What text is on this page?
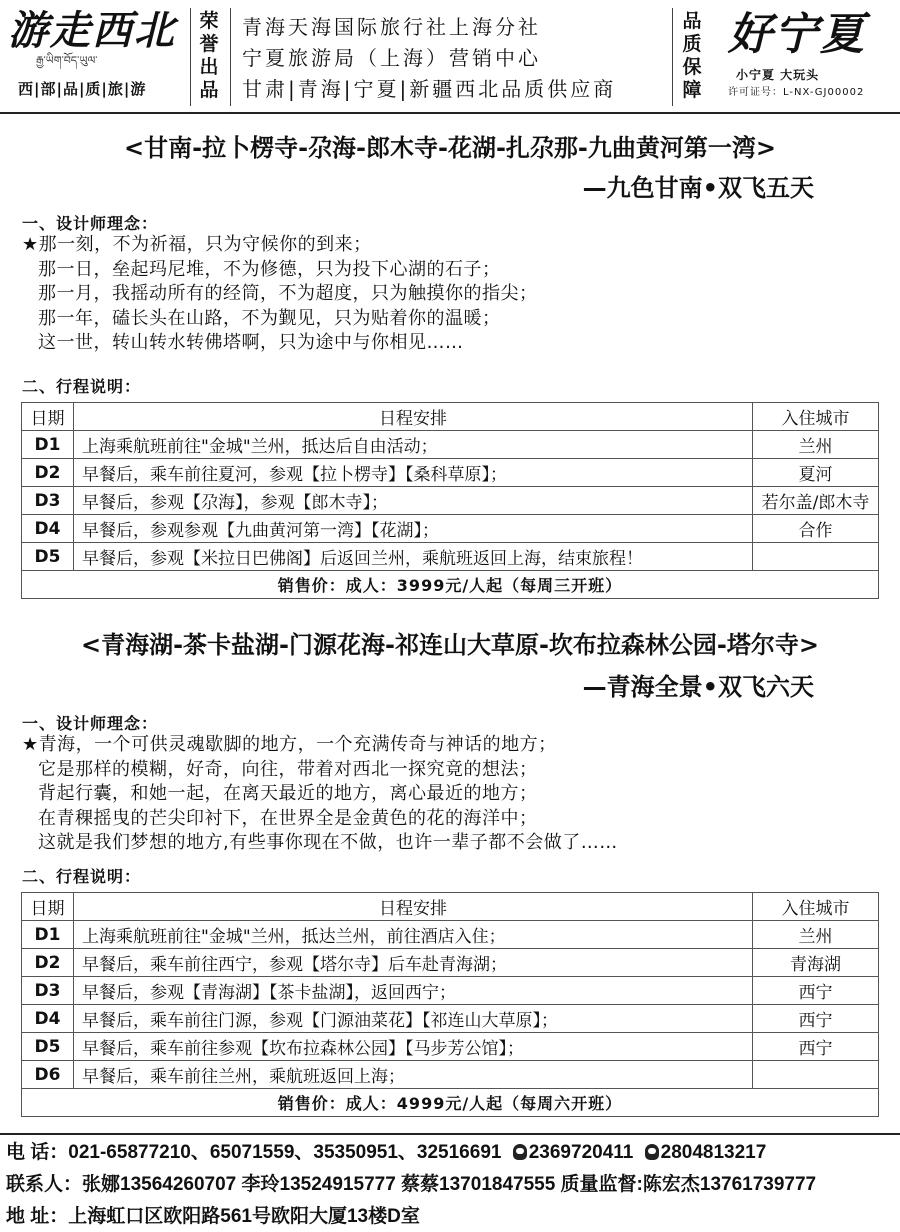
游走西北
རྒྱ་ཡིག་བོད་ཡུལ་
西|部|品|质|旅|游
荣誉出品
青海天海国际旅行社上海分社
宁夏旅游局（上海）营销中心
甘肃|青海|宁夏|新疆西北品质供应商
品质保障
好宁夏
小宁夏 大玩头
许可证号：L-NX-GJ00002
<甘南-拉卜楞寺-尕海-郎木寺-花湖-扎尕那-九曲黄河第一湾>
—九色甘南•双飞五天
一、设计师理念：
★那一刻，不为祈福，只为守候你的到来；
那一日，垒起玛尼堆，不为修德，只为投下心湖的石子；
那一月，我摇动所有的经筒，不为超度，只为触摸你的指尖；
那一年，磕长头在山路，不为觐见，只为贴着你的温暖；
这一世，转山转水转佛塔啊，只为途中与你相见……
二、行程说明：
日期	日程安排	入住城市
D1	上海乘航班前往"金城"兰州，抵达后自由活动；	兰州
D2	早餐后，乘车前往夏河，参观【拉卜楞寺】【桑科草原】；	夏河
D3	早餐后，参观【尕海】，参观【郎木寺】；	若尔盖/郎木寺
D4	早餐后，参观参观【九曲黄河第一湾】【花湖】；	合作
D5	早餐后，参观【米拉日巴佛阁】后返回兰州，乘航班返回上海，结束旅程！	
销售价：成人：3999元/人起（每周三开班）		
<青海湖-茶卡盐湖-门源花海-祁连山大草原-坎布拉森林公园-塔尔寺>
—青海全景•双飞六天
一、设计师理念：
★青海，一个可供灵魂歇脚的地方，一个充满传奇与神话的地方；
它是那样的模糊，好奇，向往，带着对西北一探究竟的想法；
背起行囊，和她一起，在离天最近的地方，离心最近的地方；
在青稞摇曳的芒尖印衬下，在世界全是金黄色的花的海洋中；
这就是我们梦想的地方,有些事你现在不做，也许一辈子都不会做了……
二、行程说明：
日期	日程安排	入住城市
D1	上海乘航班前往"金城"兰州，抵达兰州，前往酒店入住；	兰州
D2	早餐后，乘车前往西宁，参观【塔尔寺】后车赴青海湖；	青海湖
D3	早餐后，参观【青海湖】【茶卡盐湖】，返回西宁；	西宁
D4	早餐后，乘车前往门源，参观【门源油菜花】【祁连山大草原】；	西宁
D5	早餐后，乘车前往参观【坎布拉森林公园】【马步芳公馆】；	西宁
D6	早餐后，乘车前往兰州，乘航班返回上海；	
销售价：成人：4999元/人起（每周六开班）		
电 话：021-65877210、65071559、35350951、32516691 2369720411 2804813217
联系人：张娜13564260707 李玲13524915777 蔡蔡13701847555 质量监督:陈宏杰13761739777
地 址：上海虹口区欧阳路561号欧阳大厦13楼D室
